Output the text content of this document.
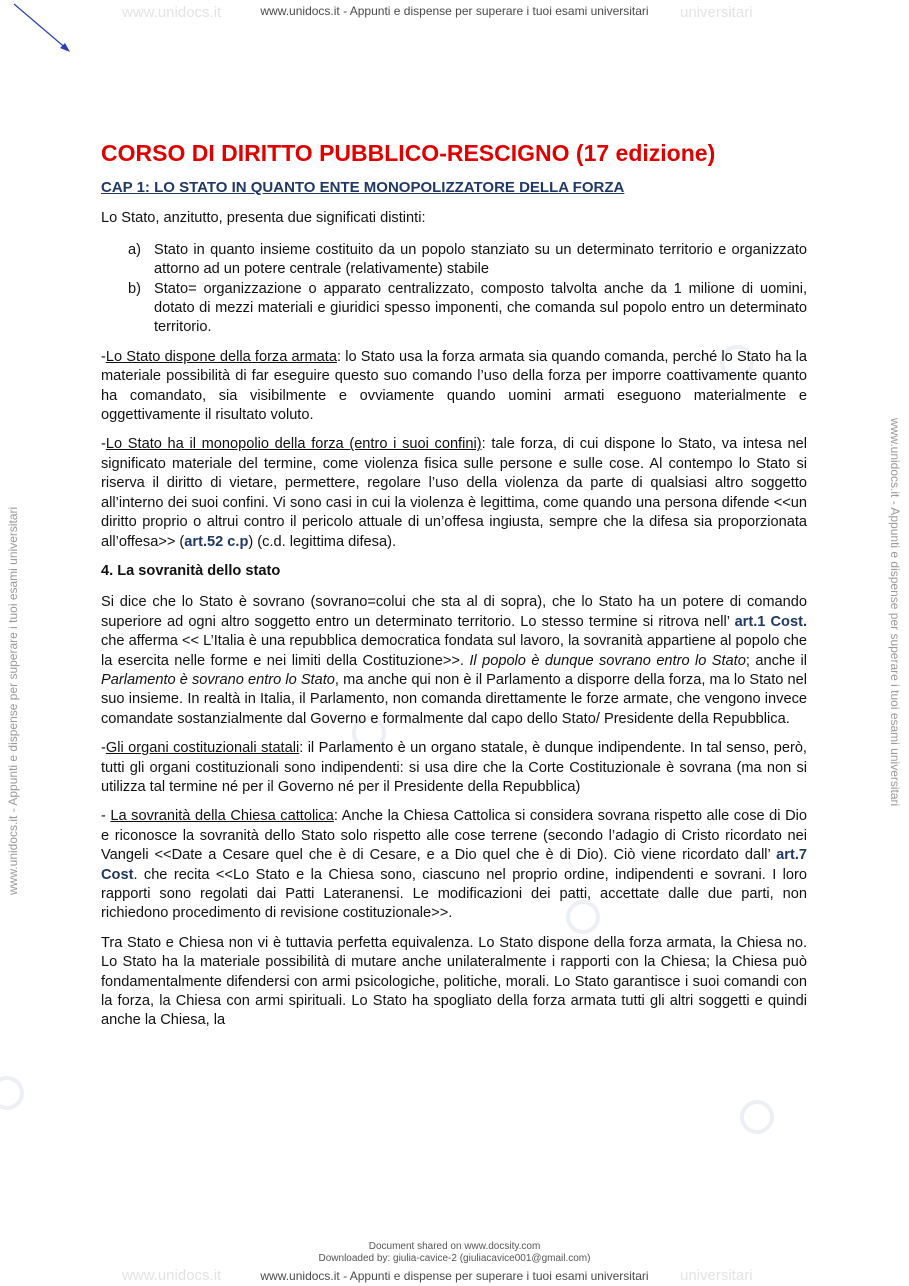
www.unidocs.it	universitari
www.unidocs.it	universitari
www.unidocs.it - Appunti e dispense per superare i tuoi esami universitari
www.unidocs.it - Appunti e dispense per superare i tuoi esami universitari
www.unidocs.it - Appunti e dispense per superare i tuoi esami universitari	www.unidocs.it - Appunti e dispense per superare i tuoi esami universitari
CORSO DI DIRITTO PUBBLICO-RESCIGNO (17 edizione)
CAP 1: LO STATO IN QUANTO ENTE MONOPOLIZZATORE DELLA FORZA

Lo Stato, anzitutto, presenta due significati distinti:

a) Stato in quanto insieme costituito da un popolo stanziato su un determinato territorio e organizzato attorno ad un potere centrale (relativamente) stabile
b) Stato= organizzazione o apparato centralizzato, composto talvolta anche da 1 milione di uomini, dotato di mezzi materiali e giuridici spesso imponenti, che comanda sul popolo entro un determinato territorio.

-Lo Stato dispone della forza armata: lo Stato usa la forza armata sia quando comanda, perché lo Stato ha la materiale possibilità di far eseguire questo suo comando l’uso della forza per imporre coattivamente quanto ha comandato, sia visibilmente e ovviamente quando uomini armati eseguono materialmente e oggettivamente il risultato voluto.

-Lo Stato ha il monopolio della forza (entro i suoi confini): tale forza, di cui dispone lo Stato, va intesa nel significato materiale del termine, come violenza fisica sulle persone e sulle cose. Al contempo lo Stato si riserva il diritto di vietare, permettere, regolare l’uso della violenza da parte di qualsiasi altro soggetto all’interno dei suoi confini. Vi sono casi in cui la violenza è legittima, come quando una persona difende <<un diritto proprio o altrui contro il pericolo attuale di un’offesa ingiusta, sempre che la difesa sia proporzionata all’offesa>> (art.52 c.p) (c.d. legittima difesa).

4. La sovranità dello stato

Si dice che lo Stato è sovrano (sovrano=colui che sta al di sopra), che lo Stato ha un potere di comando superiore ad ogni altro soggetto entro un determinato territorio. Lo stesso termine si ritrova nell’ art.1 Cost. che afferma << L’Italia è una repubblica democratica fondata sul lavoro, la sovranità appartiene al popolo che la esercita nelle forme e nei limiti della Costituzione>>. Il popolo è dunque sovrano entro lo Stato; anche il Parlamento è sovrano entro lo Stato, ma anche qui non è il Parlamento a disporre della forza, ma lo Stato nel suo insieme. In realtà in Italia, il Parlamento, non comanda direttamente le forze armate, che vengono invece comandate sostanzialmente dal Governo e formalmente dal capo dello Stato/ Presidente della Repubblica.

-Gli organi costituzionali statali: il Parlamento è un organo statale, è dunque indipendente. In tal senso, però, tutti gli organi costituzionali sono indipendenti: si usa dire che la Corte Costituzionale è sovrana (ma non si utilizza tal termine né per il Governo né per il Presidente della Repubblica)

- La sovranità della Chiesa cattolica: Anche la Chiesa Cattolica si considera sovrana rispetto alle cose di Dio e riconosce la sovranità dello Stato solo rispetto alle cose terrene (secondo l’adagio di Cristo ricordato nei Vangeli <<Date a Cesare quel che è di Cesare, e a Dio quel che è di Dio). Ciò viene ricordato dall’ art.7 Cost. che recita <<Lo Stato e la Chiesa sono, ciascuno nel proprio ordine, indipendenti e sovrani. I loro rapporti sono regolati dai Patti Lateranensi. Le modificazioni dei patti, accettate dalle due parti, non richiedono procedimento di revisione costituzionale>>.

Tra Stato e Chiesa non vi è tuttavia perfetta equivalenza. Lo Stato dispone della forza armata, la Chiesa no. Lo Stato ha la materiale possibilità di mutare anche unilateralmente i rapporti con la Chiesa; la Chiesa può fondamentalmente difendersi con armi psicologiche, politiche, morali. Lo Stato garantisce i suoi comandi con la forza, la Chiesa con armi spirituali. Lo Stato ha spogliato della forza armata tutti gli altri soggetti e quindi anche la Chiesa, la

Document shared on www.docsity.com
Downloaded by: giulia-cavice-2 (giuliacavice001@gmail.com)
